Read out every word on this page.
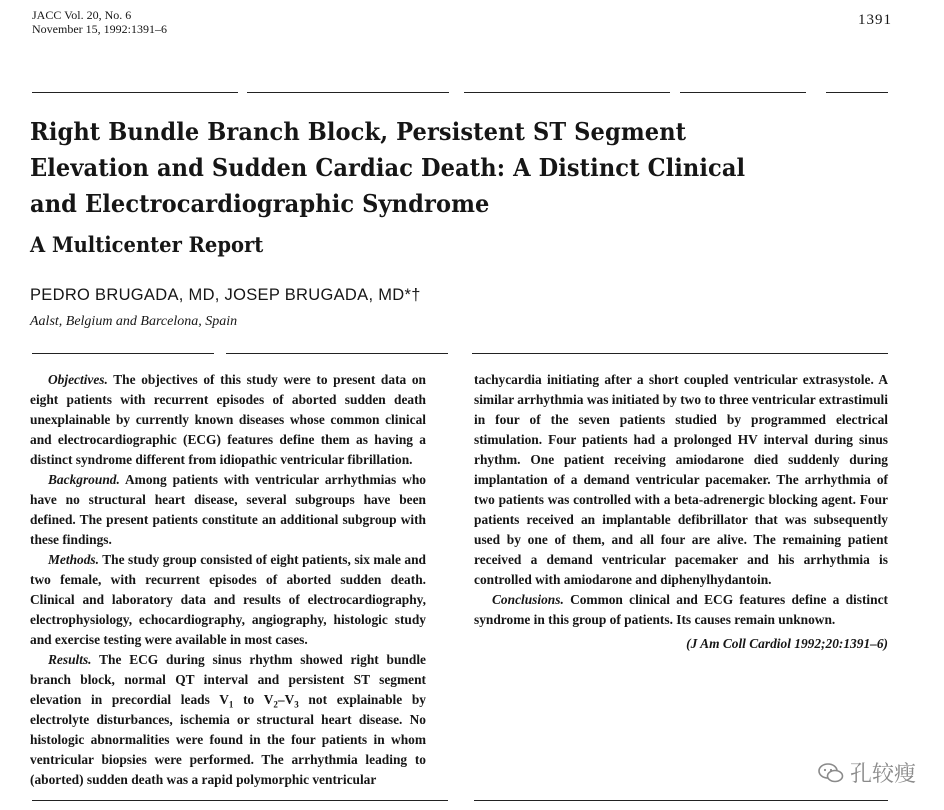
JACC Vol. 20, No. 6
November 15, 1992:1391–6
1391
Right Bundle Branch Block, Persistent ST Segment Elevation and Sudden Cardiac Death: A Distinct Clinical and Electrocardiographic Syndrome
A Multicenter Report

PEDRO BRUGADA, MD, JOSEP BRUGADA, MD*†

Aalst, Belgium and Barcelona, Spain

Objectives. The objectives of this study were to present data on eight patients with recurrent episodes of aborted sudden death unexplainable by currently known diseases whose common clinical and electrocardiographic (ECG) features define them as having a distinct syndrome different from idiopathic ventricular fibrillation.

Background. Among patients with ventricular arrhythmias who have no structural heart disease, several subgroups have been defined. The present patients constitute an additional subgroup with these findings.

Methods. The study group consisted of eight patients, six male and two female, with recurrent episodes of aborted sudden death. Clinical and laboratory data and results of electrocardiography, electrophysiology, echocardiography, angiography, histologic study and exercise testing were available in most cases.

Results. The ECG during sinus rhythm showed right bundle branch block, normal QT interval and persistent ST segment elevation in precordial leads $V_1$ to $V_2-V_3$ not explainable by electrolyte disturbances, ischemia or structural heart disease. No histologic abnormalities were found in the four patients in whom ventricular biopsies were performed. The arrhythmia leading to (aborted) sudden death was a rapid polymorphic ventricular

tachycardia initiating after a short coupled ventricular extrasystole. A similar arrhythmia was initiated by two to three ventricular extrastimuli in four of the seven patients studied by programmed electrical stimulation. Four patients had a prolonged HV interval during sinus rhythm. One patient receiving amiodarone died suddenly during implantation of a demand ventricular pacemaker. The arrhythmia of two patients was controlled with a beta-adrenergic blocking agent. Four patients received an implantable defibrillator that was subsequently used by one of them, and all four are alive. The remaining patient received a demand ventricular pacemaker and his arrhythmia is controlled with amiodarone and diphenylhydantoin.

Conclusions. Common clinical and ECG features define a distinct syndrome in this group of patients. Its causes remain unknown.

(J Am Coll Cardiol 1992;20:1391–6)

孔较瘦
